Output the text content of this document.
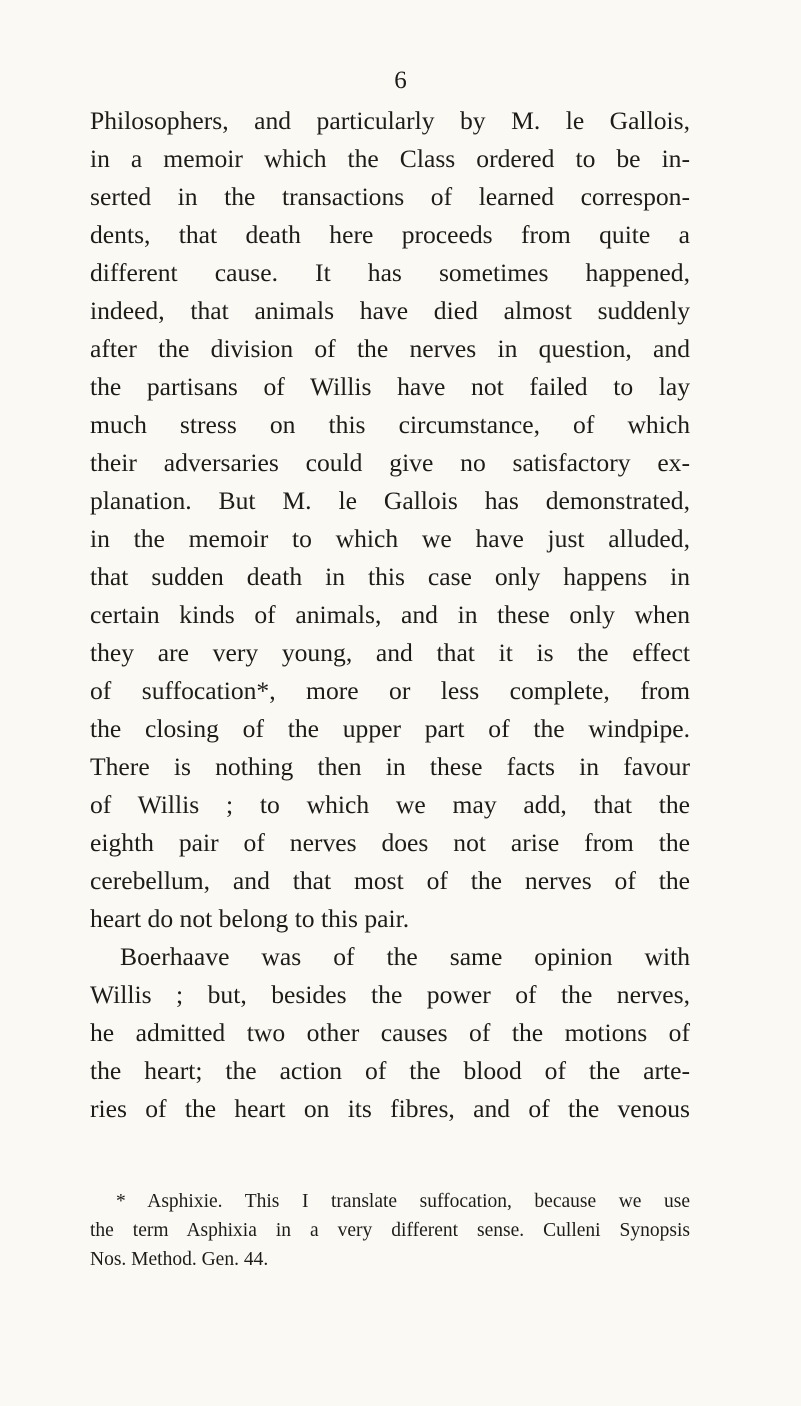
6
Philosophers, and particularly by M. le Gallois,
in a memoir which the Class ordered to be in-
serted in the transactions of learned correspon-
dents, that death here proceeds from quite a
different cause. It has sometimes happened,
indeed, that animals have died almost suddenly
after the division of the nerves in question, and
the partisans of Willis have not failed to lay
much stress on this circumstance, of which
their adversaries could give no satisfactory ex-
planation. But M. le Gallois has demonstrated,
in the memoir to which we have just alluded,
that sudden death in this case only happens in
certain kinds of animals, and in these only when
they are very young, and that it is the effect
of suffocation*, more or less complete, from
the closing of the upper part of the windpipe.
There is nothing then in these facts in favour
of Willis ; to which we may add, that the
eighth pair of nerves does not arise from the
cerebellum, and that most of the nerves of the
heart do not belong to this pair.
Boerhaave was of the same opinion with
Willis ; but, besides the power of the nerves,
he admitted two other causes of the motions of
the heart; the action of the blood of the arte-
ries of the heart on its fibres, and of the venous
* Asphixie. This I translate suffocation, because we use
the term Asphixia in a very different sense. Culleni Synopsis
Nos. Method. Gen. 44.
